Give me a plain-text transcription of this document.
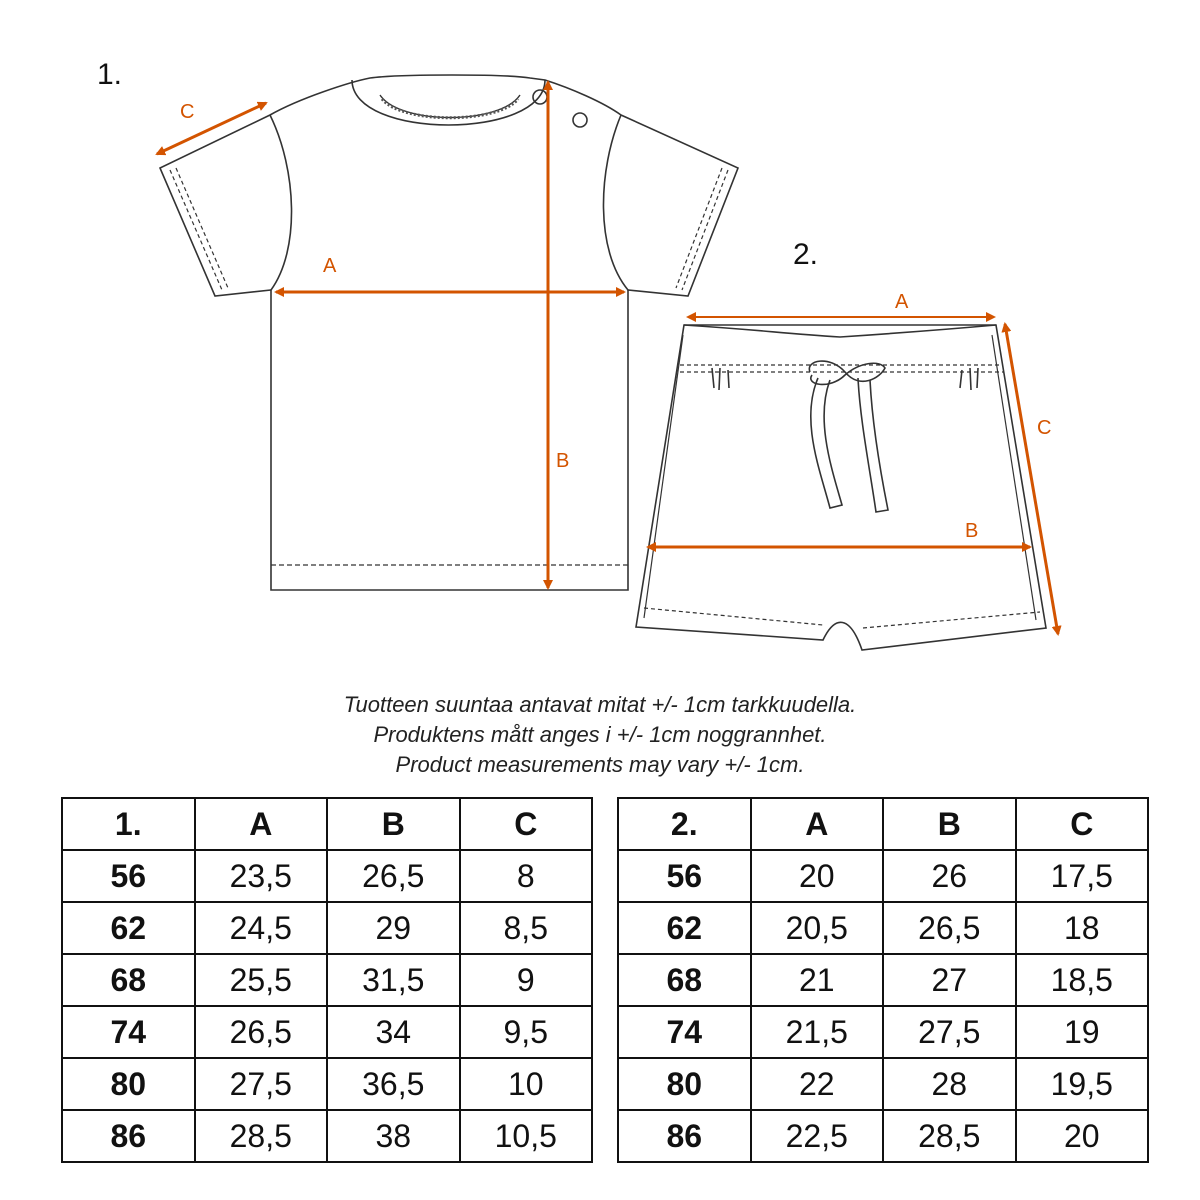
1.
2.
A
B
C
A
B
C
Tuotteen suuntaa antavat mitat +/- 1cm tarkkuudella.
Produktens mått anges i +/- 1cm noggrannhet.
Product measurements may vary +/- 1cm.
1.	A	B	C
56	23,5	26,5	8
62	24,5	29	8,5
68	25,5	31,5	9
74	26,5	34	9,5
80	27,5	36,5	10
86	28,5	38	10,5
2.	A	B	C
56	20	26	17,5
62	20,5	26,5	18
68	21	27	18,5
74	21,5	27,5	19
80	22	28	19,5
86	22,5	28,5	20
